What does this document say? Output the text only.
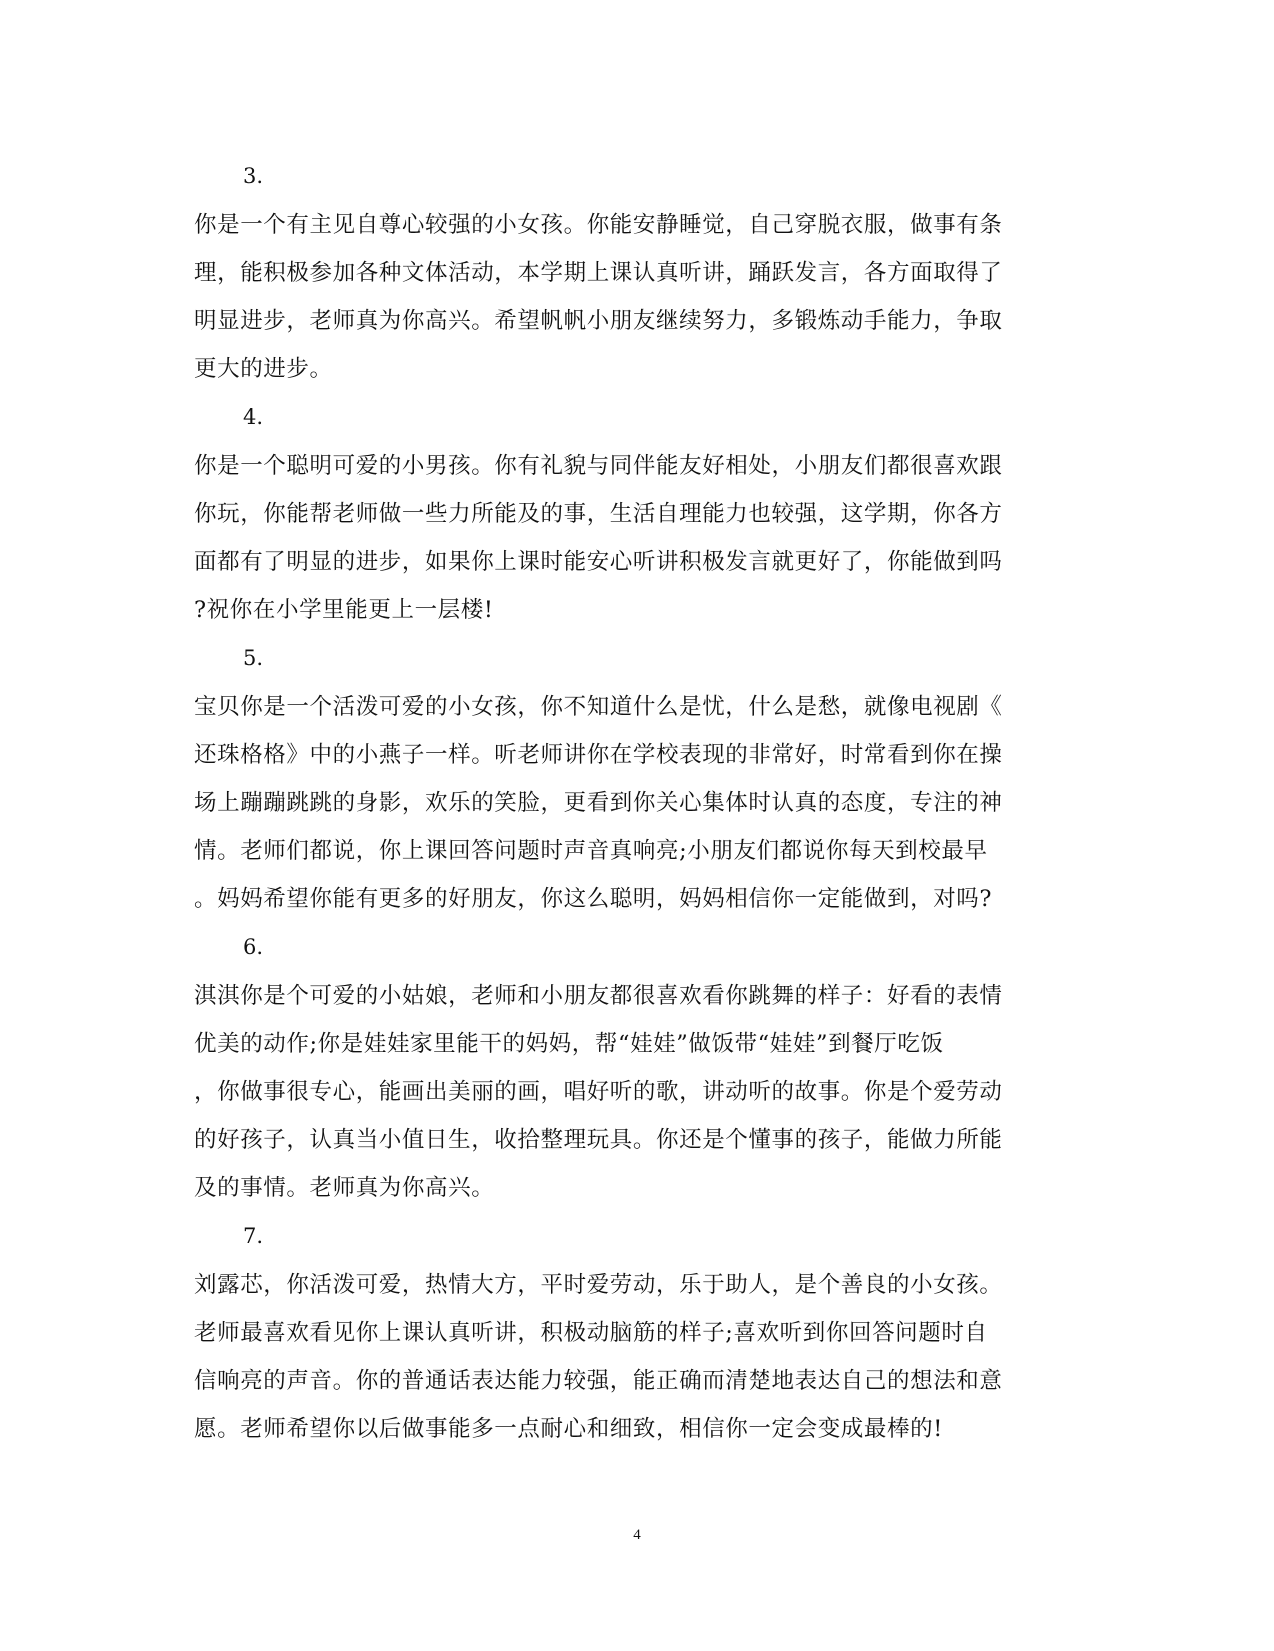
3.
你是一个有主见自尊心较强的小女孩。你能安静睡觉，自己穿脱衣服，做事有条
理，能积极参加各种文体活动，本学期上课认真听讲，踊跃发言，各方面取得了
明显进步，老师真为你高兴。希望帆帆小朋友继续努力，多锻炼动手能力，争取
更大的进步。
4.
你是一个聪明可爱的小男孩。你有礼貌与同伴能友好相处，小朋友们都很喜欢跟
你玩，你能帮老师做一些力所能及的事，生活自理能力也较强，这学期，你各方
面都有了明显的进步，如果你上课时能安心听讲积极发言就更好了，你能做到吗
?祝你在小学里能更上一层楼!
5.
宝贝你是一个活泼可爱的小女孩，你不知道什么是忧，什么是愁，就像电视剧《
还珠格格》中的小燕子一样。听老师讲你在学校表现的非常好，时常看到你在操
场上蹦蹦跳跳的身影，欢乐的笑脸，更看到你关心集体时认真的态度，专注的神
情。老师们都说，你上课回答问题时声音真响亮;小朋友们都说你每天到校最早
。妈妈希望你能有更多的好朋友，你这么聪明，妈妈相信你一定能做到，对吗?
6.
淇淇你是个可爱的小姑娘，老师和小朋友都很喜欢看你跳舞的样子：好看的表情
优美的动作;你是娃娃家里能干的妈妈，帮“娃娃”做饭带“娃娃”到餐厅吃饭
，你做事很专心，能画出美丽的画，唱好听的歌，讲动听的故事。你是个爱劳动
的好孩子，认真当小值日生，收拾整理玩具。你还是个懂事的孩子，能做力所能
及的事情。老师真为你高兴。
7.
刘露芯，你活泼可爱，热情大方，平时爱劳动，乐于助人，是个善良的小女孩。
老师最喜欢看见你上课认真听讲，积极动脑筋的样子;喜欢听到你回答问题时自
信响亮的声音。你的普通话表达能力较强，能正确而清楚地表达自己的想法和意
愿。老师希望你以后做事能多一点耐心和细致，相信你一定会变成最棒的!
4
